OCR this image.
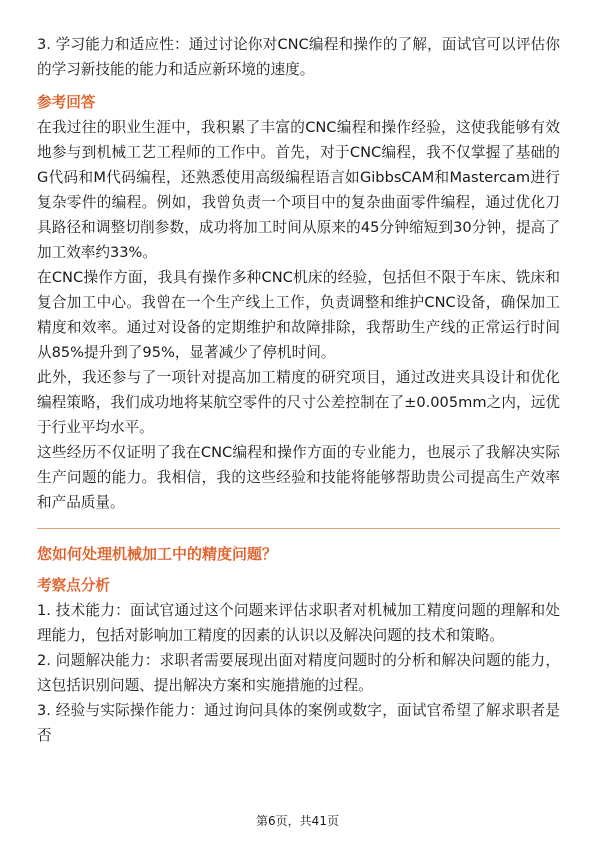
3. 学习能力和适应性：通过讨论你对CNC编程和操作的了解，面试官可以评估你的学习新技能的能力和适应新环境的速度。

参考回答

在我过往的职业生涯中，我积累了丰富的CNC编程和操作经验，这使我能够有效地参与到机械工艺工程师的工作中。首先，对于CNC编程，我不仅掌握了基础的G代码和M代码编程，还熟悉使用高级编程语言如GibbsCAM和Mastercam进行复杂零件的编程。例如，我曾负责一个项目中的复杂曲面零件编程，通过优化刀具路径和调整切削参数，成功将加工时间从原来的45分钟缩短到30分钟，提高了加工效率约33%。

在CNC操作方面，我具有操作多种CNC机床的经验，包括但不限于车床、铣床和复合加工中心。我曾在一个生产线上工作，负责调整和维护CNC设备，确保加工精度和效率。通过对设备的定期维护和故障排除，我帮助生产线的正常运行时间从85%提升到了95%，显著减少了停机时间。

此外，我还参与了一项针对提高加工精度的研究项目，通过改进夹具设计和优化编程策略，我们成功地将某航空零件的尺寸公差控制在了±0.005mm之内，远优于行业平均水平。

这些经历不仅证明了我在CNC编程和操作方面的专业能力，也展示了我解决实际生产问题的能力。我相信，我的这些经验和技能将能够帮助贵公司提高生产效率和产品质量。

您如何处理机械加工中的精度问题？

考察点分析

1. 技术能力：面试官通过这个问题来评估求职者对机械加工精度问题的理解和处理能力，包括对影响加工精度的因素的认识以及解决问题的技术和策略。

2. 问题解决能力：求职者需要展现出面对精度问题时的分析和解决问题的能力，这包括识别问题、提出解决方案和实施措施的过程。

3. 经验与实际操作能力：通过询问具体的案例或数字，面试官希望了解求职者是否

第6页，共41页
